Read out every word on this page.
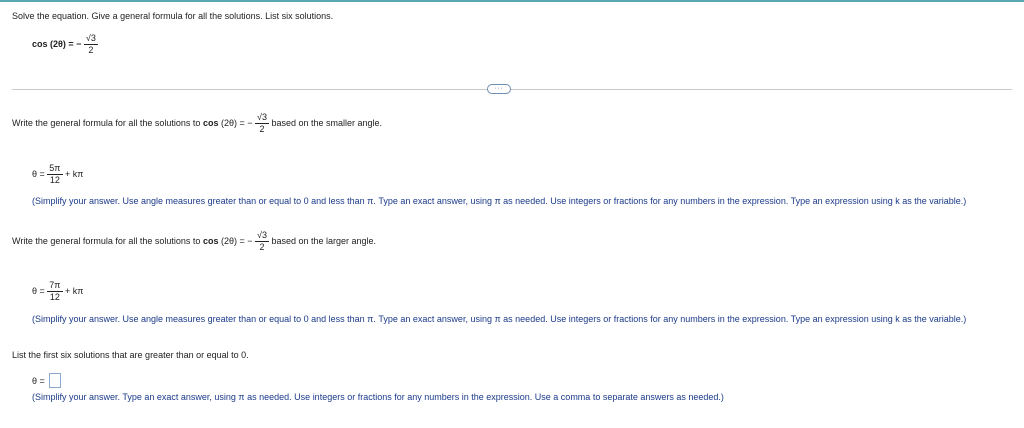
Solve the equation. Give a general formula for all the solutions. List six solutions.
cos (2θ) = − $\frac{√3}{2}$
···
Write the general formula for all the solutions to cos (2θ) = − $\frac{√3}{2}$ based on the smaller angle.
$\theta = \frac{5\pi}{12} + k\pi$
(Simplify your answer. Use angle measures greater than or equal to 0 and less than π. Type an exact answer, using π as needed. Use integers or fractions for any numbers in the expression. Type an expression using k as the variable.)
Write the general formula for all the solutions to cos (2θ) = − $\frac{√3}{2}$ based on the larger angle.
$\theta = \frac{7\pi}{12} + k\pi$
(Simplify your answer. Use angle measures greater than or equal to 0 and less than π. Type an exact answer, using π as needed. Use integers or fractions for any numbers in the expression. Type an expression using k as the variable.)
List the first six solutions that are greater than or equal to 0.
θ =
(Simplify your answer. Type an exact answer, using π as needed. Use integers or fractions for any numbers in the expression. Use a comma to separate answers as needed.)
